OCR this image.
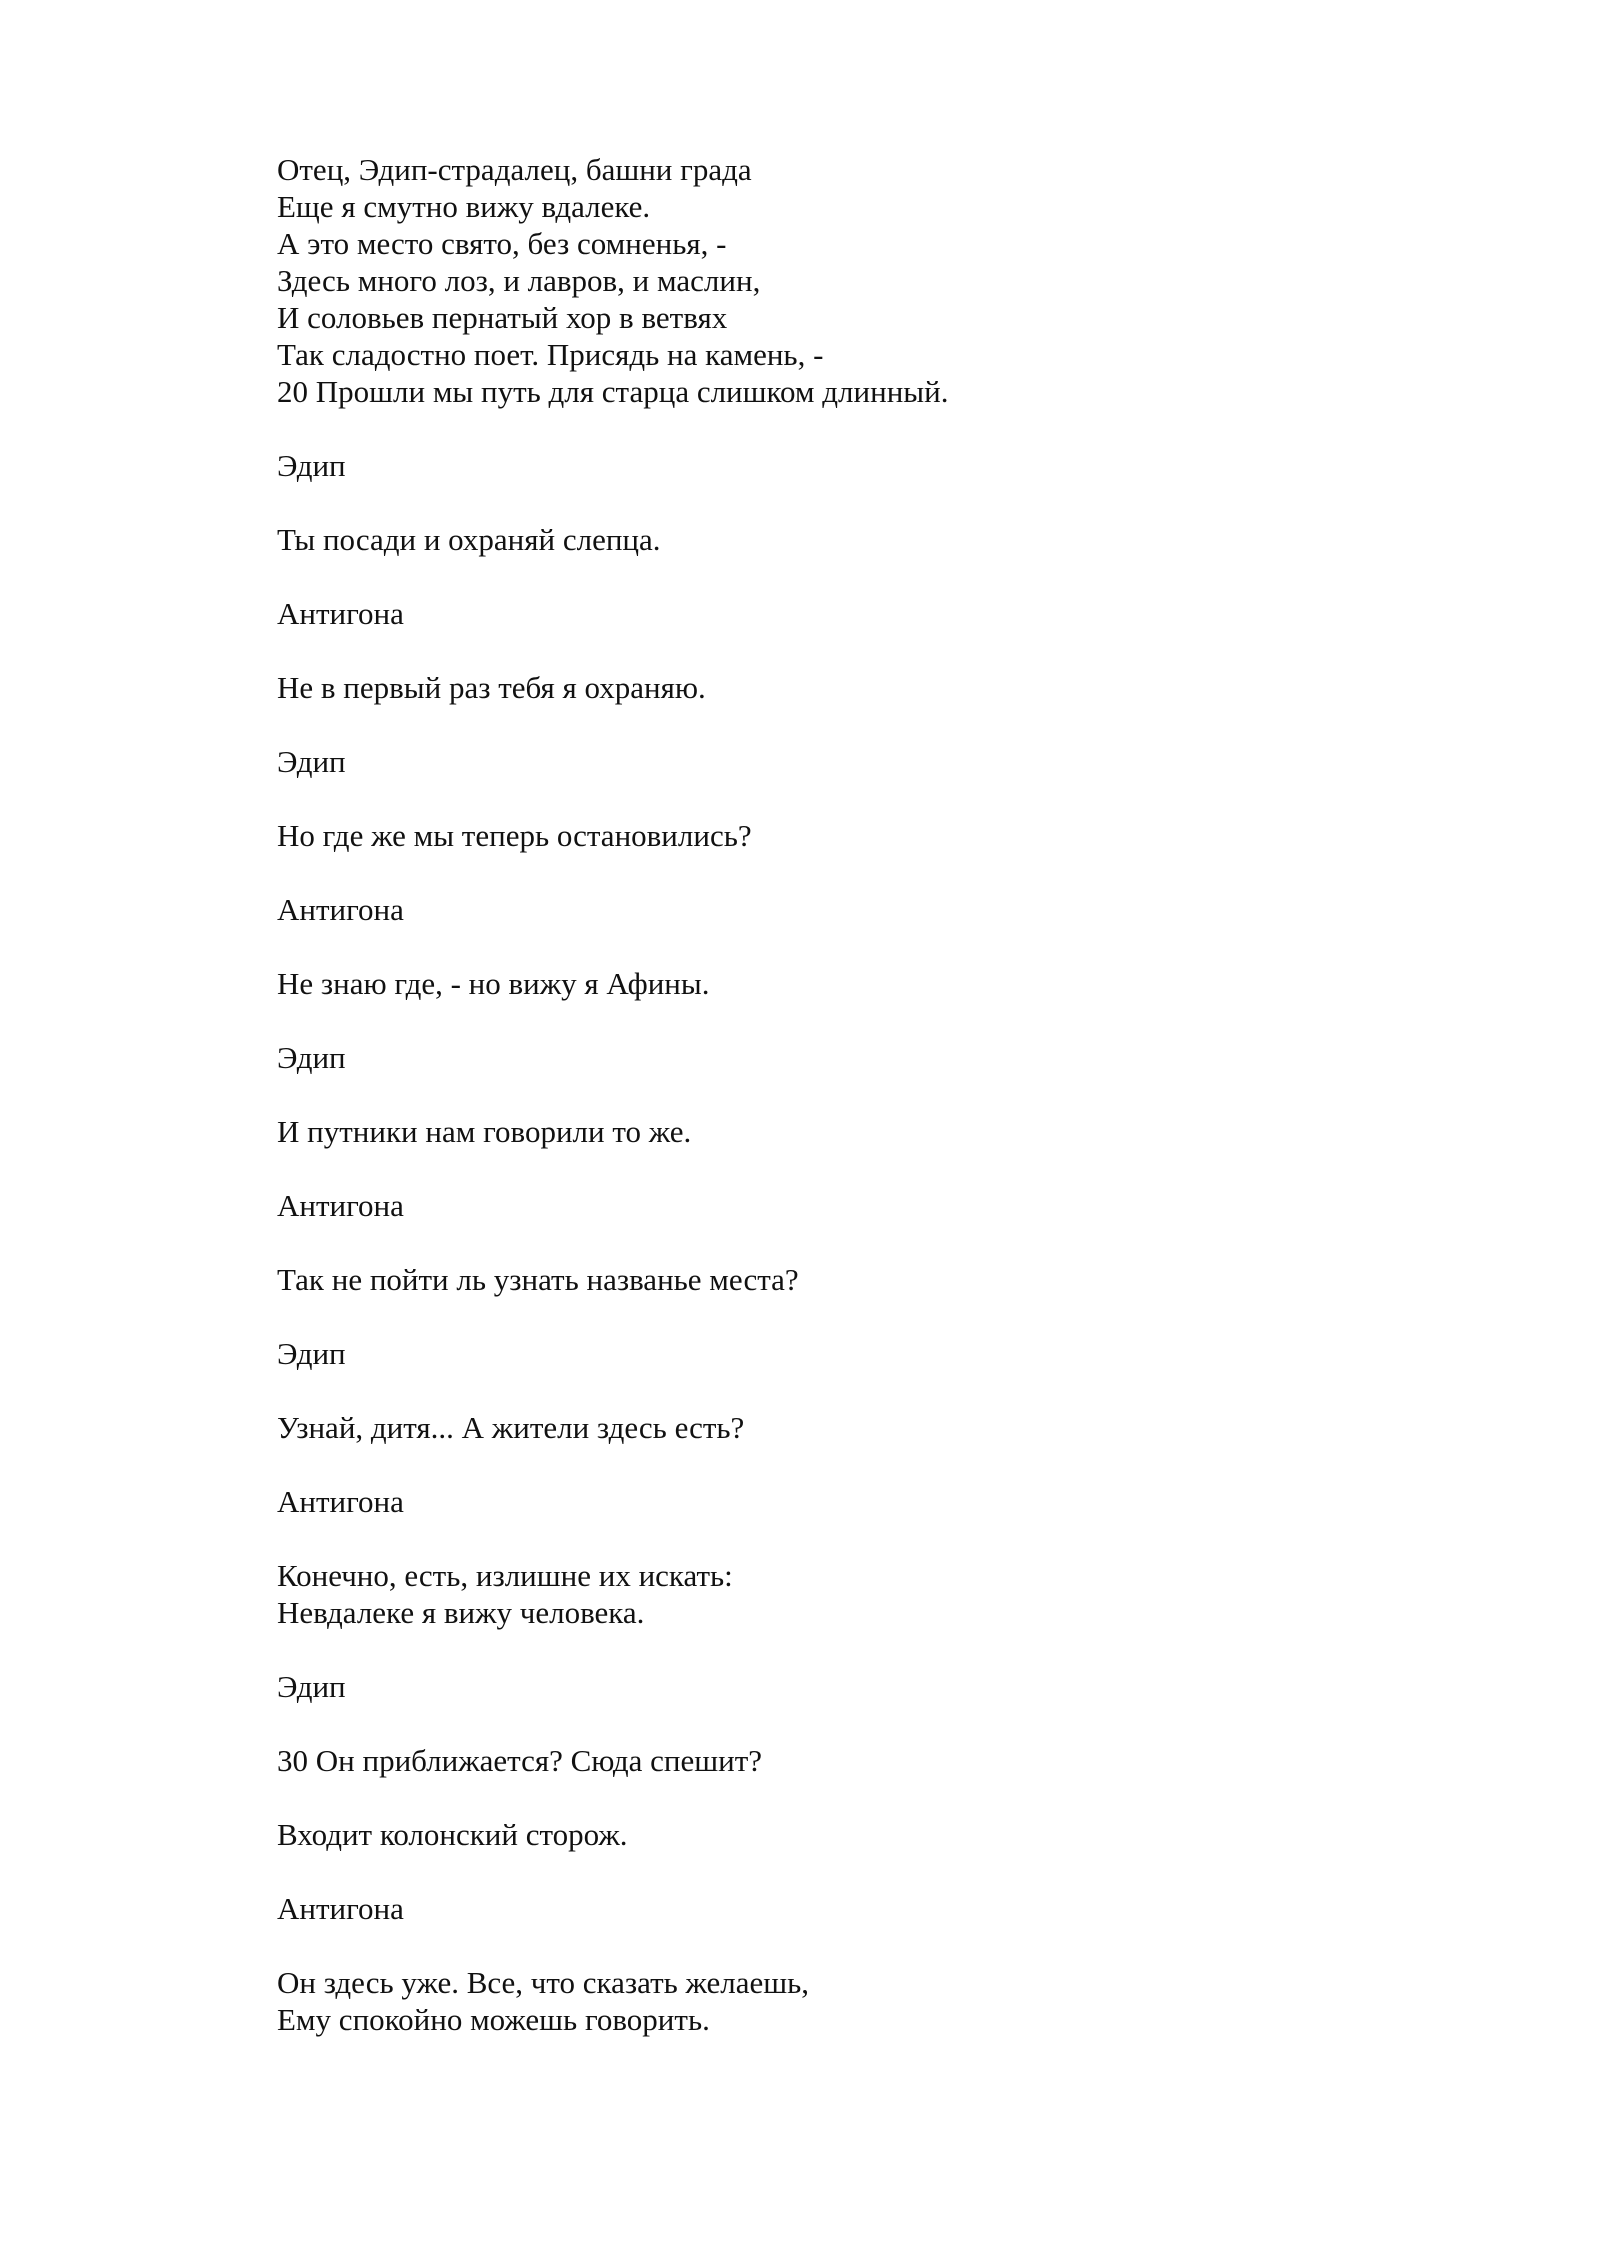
Отец, Эдип-страдалец, башни града
Еще я смутно вижу вдалеке.
А это место свято, без сомненья, -
Здесь много лоз, и лавров, и маслин,
И соловьев пернатый хор в ветвях
Так сладостно поет. Присядь на камень, -
20 Прошли мы путь для старца слишком длинный.
Эдип
Ты посади и охраняй слепца.
Антигона
Не в первый раз тебя я охраняю.
Эдип
Но где же мы теперь остановились?
Антигона
Не знаю где, - но вижу я Афины.
Эдип
И путники нам говорили то же.
Антигона
Так не пойти ль узнать названье места?
Эдип
Узнай, дитя... А жители здесь есть?
Антигона
Конечно, есть, излишне их искать:
Невдалеке я вижу человека.
Эдип
30 Он приближается? Сюда спешит?
Входит колонский сторож.
Антигона
Он здесь уже. Все, что сказать желаешь,
Ему спокойно можешь говорить.
